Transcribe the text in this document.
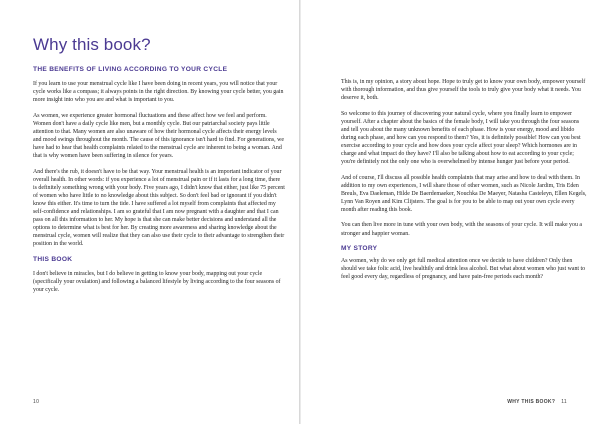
Why this book?
THE BENEFITS OF LIVING ACCORDING TO YOUR CYCLE

If you learn to use your menstrual cycle like I have been doing in recent years, you will notice that your cycle works like a compass; it always points in the right direction. By knowing your cycle better, you gain more insight into who you are and what is important to you.

As women, we experience greater hormonal fluctuations and these affect how we feel and perform. Women don't have a daily cycle like men, but a monthly cycle. But our patriarchal society pays little attention to that. Many women are also unaware of how their hormonal cycle affects their energy levels and mood swings throughout the month. The cause of this ignorance isn't hard to find. For generations, we have had to hear that health complaints related to the menstrual cycle are inherent to being a woman. And that is why women have been suffering in silence for years.

And there's the rub, it doesn't have to be that way. Your menstrual health is an important indicator of your overall health. In other words: if you experience a lot of menstrual pain or if it lasts for a long time, there is definitely something wrong with your body. Five years ago, I didn't know that either, just like 75 percent of women who have little to no knowledge about this subject. So don't feel bad or ignorant if you didn't know this either. It's time to turn the tide. I have suffered a lot myself from complaints that affected my self-confidence and relationships. I am so grateful that I am now pregnant with a daughter and that I can pass on all this information to her. My hope is that she can make better decisions and understand all the options to determine what is best for her. By creating more awareness and sharing knowledge about the menstrual cycle, women will realize that they can also use their cycle to their advantage to strengthen their position in the world.

THIS BOOK

I don't believe in miracles, but I do believe in getting to know your body, mapping out your cycle (specifically your ovulation) and following a balanced lifestyle by living according to the four seasons of your cycle.

10

This is, in my opinion, a story about hope. Hope to truly get to know your own body, empower yourself with thorough information, and thus give yourself the tools to truly give your body what it needs. You deserve it, both.

So welcome to this journey of discovering your natural cycle, where you finally learn to empower yourself. After a chapter about the basics of the female body, I will take you through the four seasons and tell you about the many unknown benefits of each phase. How is your energy, mood and libido during each phase, and how can you respond to them? Yes, it is definitely possible! How can you best exercise according to your cycle and how does your cycle affect your sleep? Which hormones are in charge and what impact do they have? I'll also be talking about how to eat according to your cycle; you're definitely not the only one who is overwhelmed by intense hunger just before your period.

And of course, I'll discuss all possible health complaints that may arise and how to deal with them. In addition to my own experiences, I will share those of other women, such as Nicole Jardim, Tris Eden Breuls, Eva Daeleman, Hilde De Baerdemaeker, Nouchka De Maeyer, Natasha Casteleyn, Ellen Kegels, Lynn Van Royen and Kim Clijsters. The goal is for you to be able to map out your own cycle every month after reading this book.

You can then live more in tune with your own body, with the seasons of your cycle. It will make you a stronger and happier woman.

MY STORY

As women, why do we only get full medical attention once we decide to have children? Only then should we take folic acid, live healthily and drink less alcohol. But what about women who just want to feel good every day, regardless of pregnancy, and have pain-free periods each month?

WHY THIS BOOK? 11
